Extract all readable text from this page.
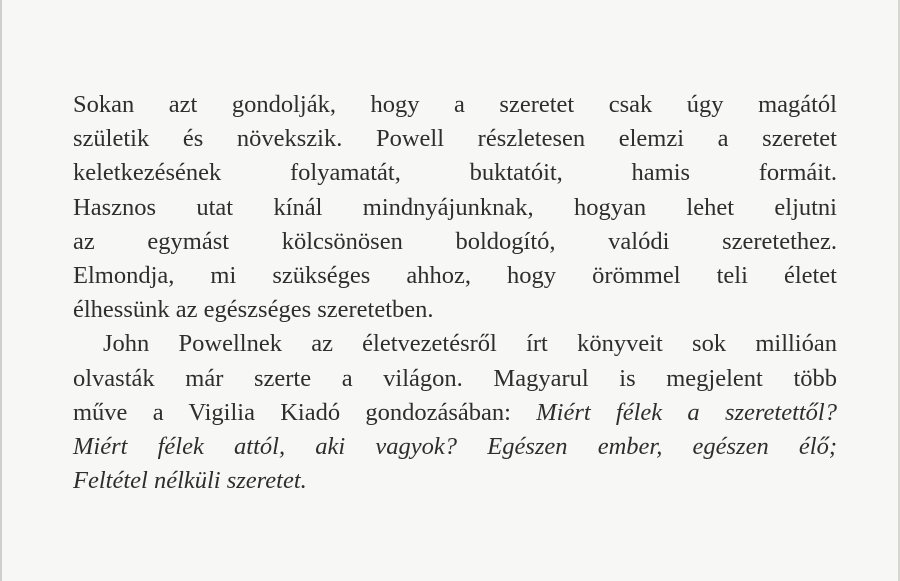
Sokan azt gondolják, hogy a szeretet csak úgy magától
születik és növekszik. Powell részletesen elemzi a szeretet
keletkezésének folyamatát, buktatóit, hamis formáit.
Hasznos utat kínál mindnyájunknak, hogyan lehet eljutni
az egymást kölcsönösen boldogító, valódi szeretethez.
Elmondja, mi szükséges ahhoz, hogy örömmel teli életet
élhessünk az egészséges szeretetben.
John Powellnek az életvezetésről írt könyveit sok millióan
olvasták már szerte a világon. Magyarul is megjelent több
műve a Vigilia Kiadó gondozásában: Miért félek a szeretettől?
Miért félek attól, aki vagyok? Egészen ember, egészen élő;
Feltétel nélküli szeretet.
